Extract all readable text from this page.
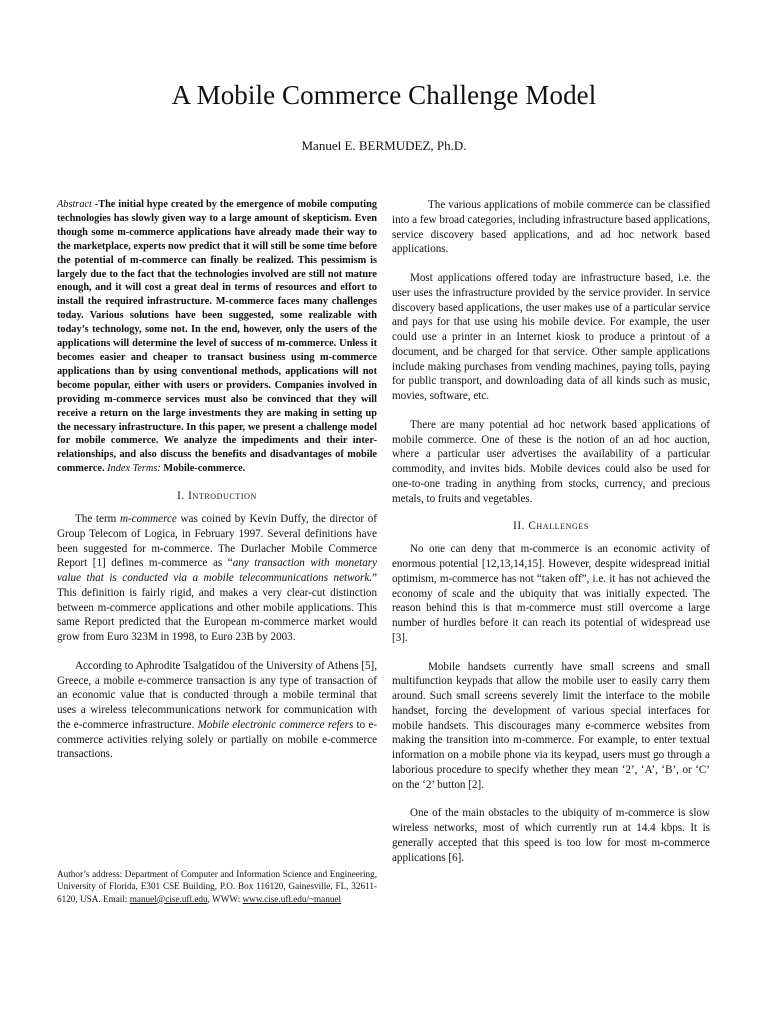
A Mobile Commerce Challenge Model
Manuel E. BERMUDEZ, Ph.D.

Abstract -The initial hype created by the emergence of mobile computing technologies has slowly given way to a large amount of skepticism. Even though some m-commerce applications have already made their way to the marketplace, experts now predict that it will still be some time before the potential of m-commerce can finally be realized. This pessimism is largely due to the fact that the technologies involved are still not mature enough, and it will cost a great deal in terms of resources and effort to install the required infrastructure. M-commerce faces many challenges today. Various solutions have been suggested, some realizable with today’s technology, some not. In the end, however, only the users of the applications will determine the level of success of m-commerce. Unless it becomes easier and cheaper to transact business using m-commerce applications than by using conventional methods, applications will not become popular, either with users or providers. Companies involved in providing m-commerce services must also be convinced that they will receive a return on the large investments they are making in setting up the necessary infrastructure. In this paper, we present a challenge model for mobile commerce. We analyze the impediments and their inter-relationships, and also discuss the benefits and disadvantages of mobile commerce. Index Terms: Mobile-commerce.

I. Introduction

The term m-commerce was coined by Kevin Duffy, the director of Group Telecom of Logica, in February 1997. Several definitions have been suggested for m-commerce. The Durlacher Mobile Commerce Report [1] defines m-commerce as “any transaction with monetary value that is conducted via a mobile telecommunications network.” This definition is fairly rigid, and makes a very clear-cut distinction between m-commerce applications and other mobile applications. This same Report predicted that the European m-commerce market would grow from Euro 323M in 1998, to Euro 23B by 2003.

According to Aphrodite Tsalgatidou of the University of Athens [5], Greece, a mobile e-commerce transaction is any type of transaction of an economic value that is conducted through a mobile terminal that uses a wireless telecommunications network for communication with the e-commerce infrastructure. Mobile electronic commerce refers to e-commerce activities relying solely or partially on mobile e-commerce transactions.

Author’s address: Department of Computer and Information Science and Engineering, University of Florida, E301 CSE Building, P.O. Box 116120, Gainesville, FL, 32611-6120, USA. Email: manuel@cise.ufl.edu, WWW: www.cise.ufl.edu/~manuel

The various applications of mobile commerce can be classified into a few broad categories, including infrastructure based applications, service discovery based applications, and ad hoc network based applications.

Most applications offered today are infrastructure based, i.e. the user uses the infrastructure provided by the service provider. In service discovery based applications, the user makes use of a particular service and pays for that use using his mobile device. For example, the user could use a printer in an Internet kiosk to produce a printout of a document, and be charged for that service. Other sample applications include making purchases from vending machines, paying tolls, paying for public transport, and downloading data of all kinds such as music, movies, software, etc.

There are many potential ad hoc network based applications of mobile commerce. One of these is the notion of an ad hoc auction, where a particular user advertises the availability of a particular commodity, and invites bids. Mobile devices could also be used for one-to-one trading in anything from stocks, currency, and precious metals, to fruits and vegetables.

II. Challenges

No one can deny that m-commerce is an economic activity of enormous potential [12,13,14,15]. However, despite widespread initial optimism, m-commerce has not “taken off”, i.e. it has not achieved the economy of scale and the ubiquity that was initially expected. The reason behind this is that m-commerce must still overcome a large number of hurdles before it can reach its potential of widespread use [3].

Mobile handsets currently have small screens and small multifunction keypads that allow the mobile user to easily carry them around. Such small screens severely limit the interface to the mobile handset, forcing the development of various special interfaces for mobile handsets. This discourages many e-commerce websites from making the transition into m-commerce. For example, to enter textual information on a mobile phone via its keypad, users must go through a laborious procedure to specify whether they mean ‘2’, ‘A’, ‘B’, or ‘C’ on the ‘2’ button [2].

One of the main obstacles to the ubiquity of m-commerce is slow wireless networks, most of which currently run at 14.4 kbps. It is generally accepted that this speed is too low for most m-commerce applications [6].
